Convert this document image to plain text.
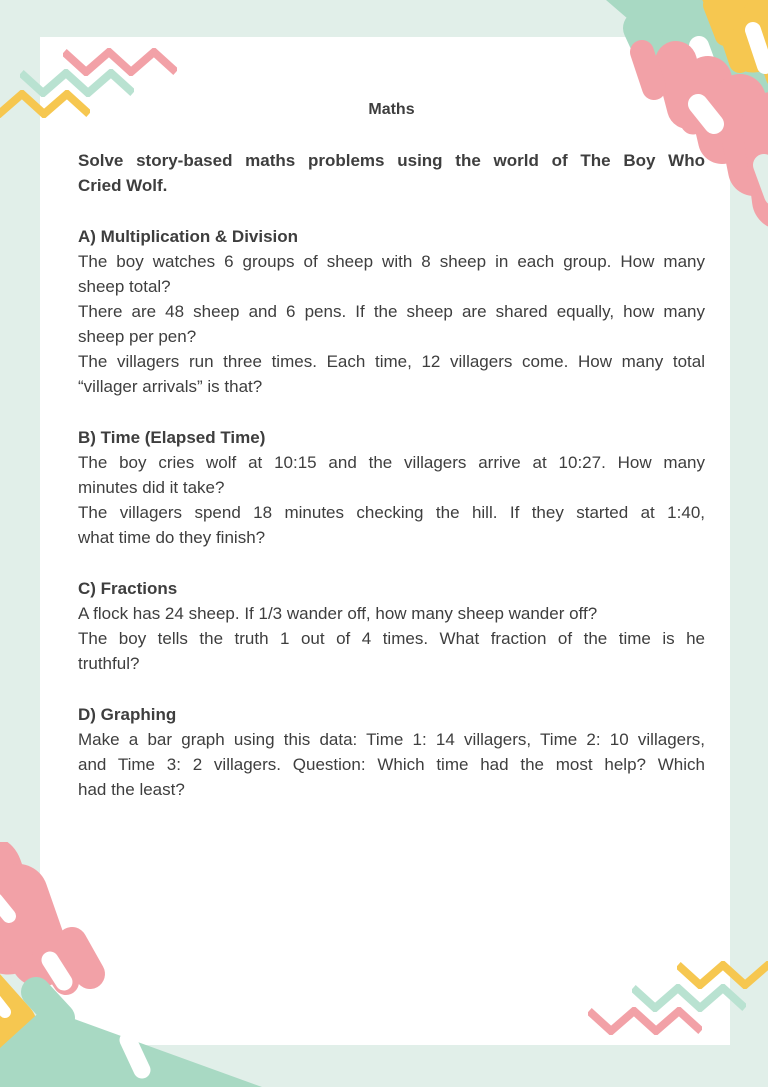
Maths
Solve story-based maths problems using the world of The Boy Who
Cried Wolf.
A) Multiplication & Division
The boy watches 6 groups of sheep with 8 sheep in each group. How many
sheep total?
There are 48 sheep and 6 pens. If the sheep are shared equally, how many
sheep per pen?
The villagers run three times. Each time, 12 villagers come. How many total
“villager arrivals” is that?
B) Time (Elapsed Time)
The boy cries wolf at 10:15 and the villagers arrive at 10:27. How many
minutes did it take?
The villagers spend 18 minutes checking the hill. If they started at 1:40,
what time do they finish?
C) Fractions
A flock has 24 sheep. If 1/3 wander off, how many sheep wander off?
The boy tells the truth 1 out of 4 times. What fraction of the time is he
truthful?
D) Graphing
Make a bar graph using this data: Time 1: 14 villagers, Time 2: 10 villagers,
and Time 3: 2 villagers. Question: Which time had the most help? Which
had the least?
